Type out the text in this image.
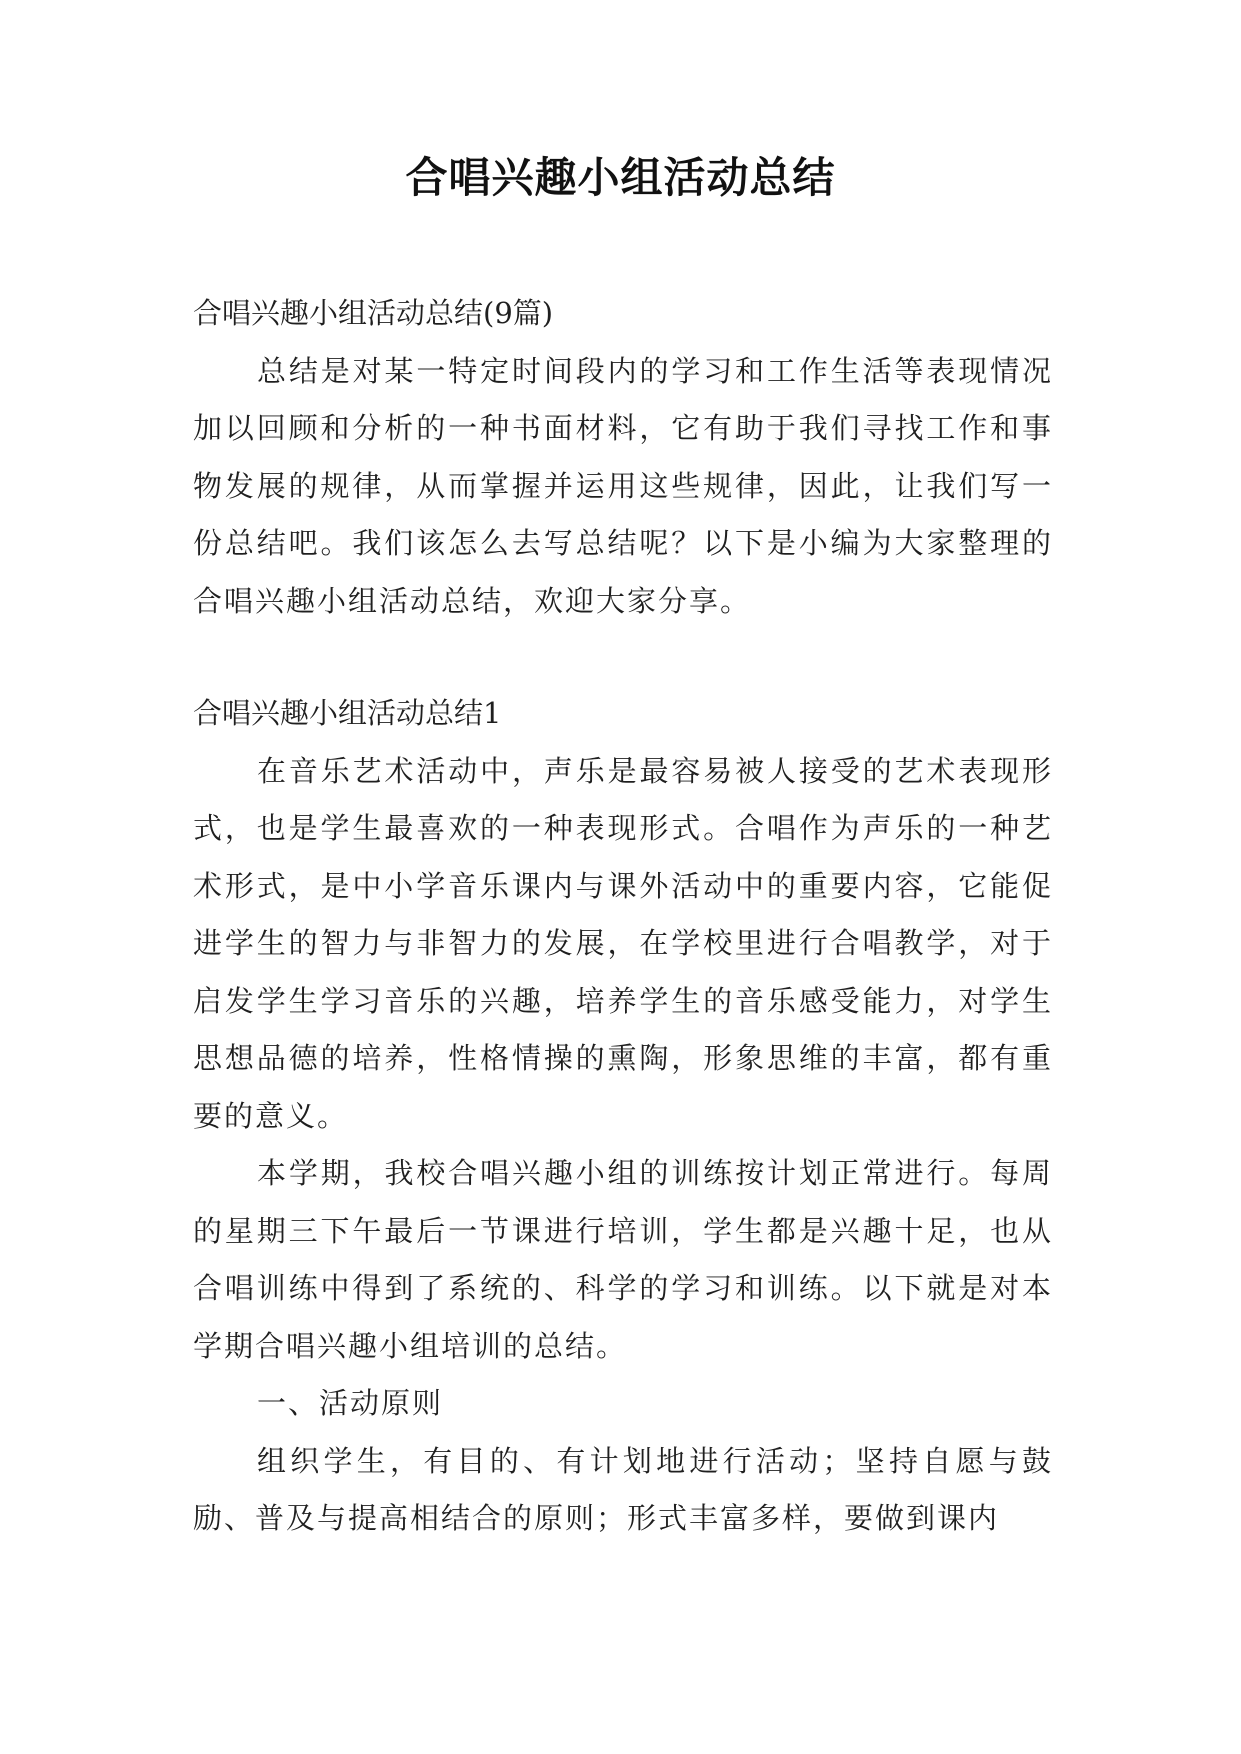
合唱兴趣小组活动总结

合唱兴趣小组活动总结(9篇)

总结是对某一特定时间段内的学习和工作生活等表现情况加以回顾和分析的一种书面材料，它有助于我们寻找工作和事物发展的规律，从而掌握并运用这些规律，因此，让我们写一份总结吧。我们该怎么去写总结呢？以下是小编为大家整理的合唱兴趣小组活动总结，欢迎大家分享。

合唱兴趣小组活动总结1

在音乐艺术活动中，声乐是最容易被人接受的艺术表现形式，也是学生最喜欢的一种表现形式。合唱作为声乐的一种艺术形式，是中小学音乐课内与课外活动中的重要内容，它能促进学生的智力与非智力的发展，在学校里进行合唱教学，对于启发学生学习音乐的兴趣，培养学生的音乐感受能力，对学生思想品德的培养，性格情操的熏陶，形象思维的丰富，都有重要的意义。

本学期，我校合唱兴趣小组的训练按计划正常进行。每周的星期三下午最后一节课进行培训，学生都是兴趣十足，也从合唱训练中得到了系统的、科学的学习和训练。以下就是对本学期合唱兴趣小组培训的总结。

一、活动原则

组织学生，有目的、有计划地进行活动；坚持自愿与鼓励、普及与提高相结合的原则；形式丰富多样，要做到课内
